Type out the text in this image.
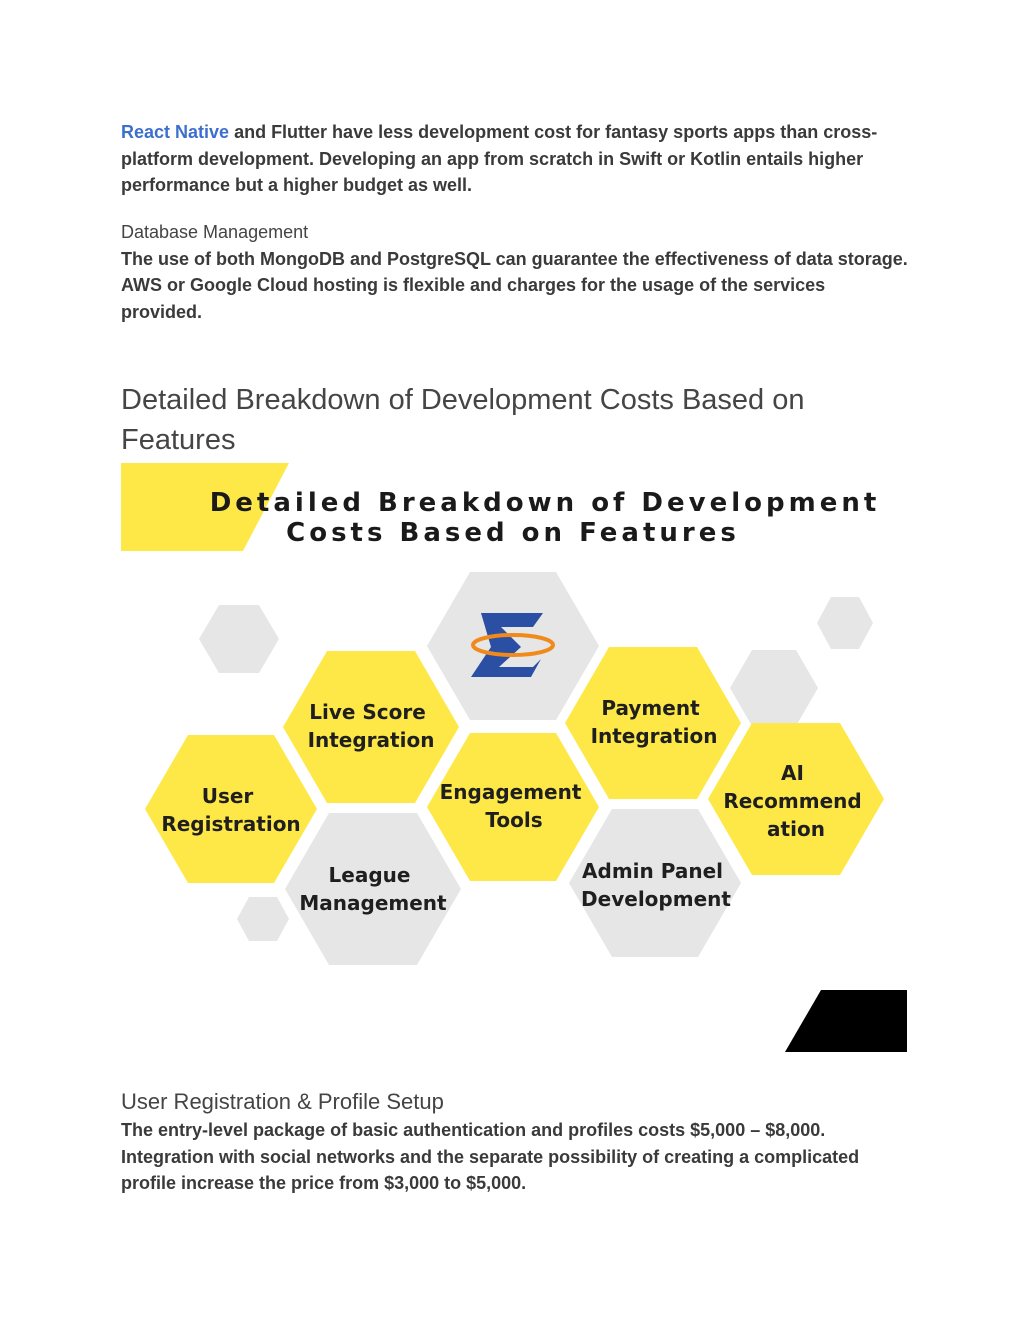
React Native and Flutter have less development cost for fantasy sports apps than cross-platform development. Developing an app from scratch in Swift or Kotlin entails higher performance but a higher budget as well.
Database Management
The use of both MongoDB and PostgreSQL can guarantee the effectiveness of data storage. AWS or Google Cloud hosting is flexible and charges for the usage of the services provided.
Detailed Breakdown of Development Costs Based on Features
Detailed Breakdown of Development
Costs Based on Features
League Management
Admin Panel Development
User Registration
Live Score Integration
Engagement Tools
Payment Integration
AI Recommend ation
User Registration & Profile Setup
The entry-level package of basic authentication and profiles costs $5,000 – $8,000. Integration with social networks and the separate possibility of creating a complicated profile increase the price from $3,000 to $5,000.
